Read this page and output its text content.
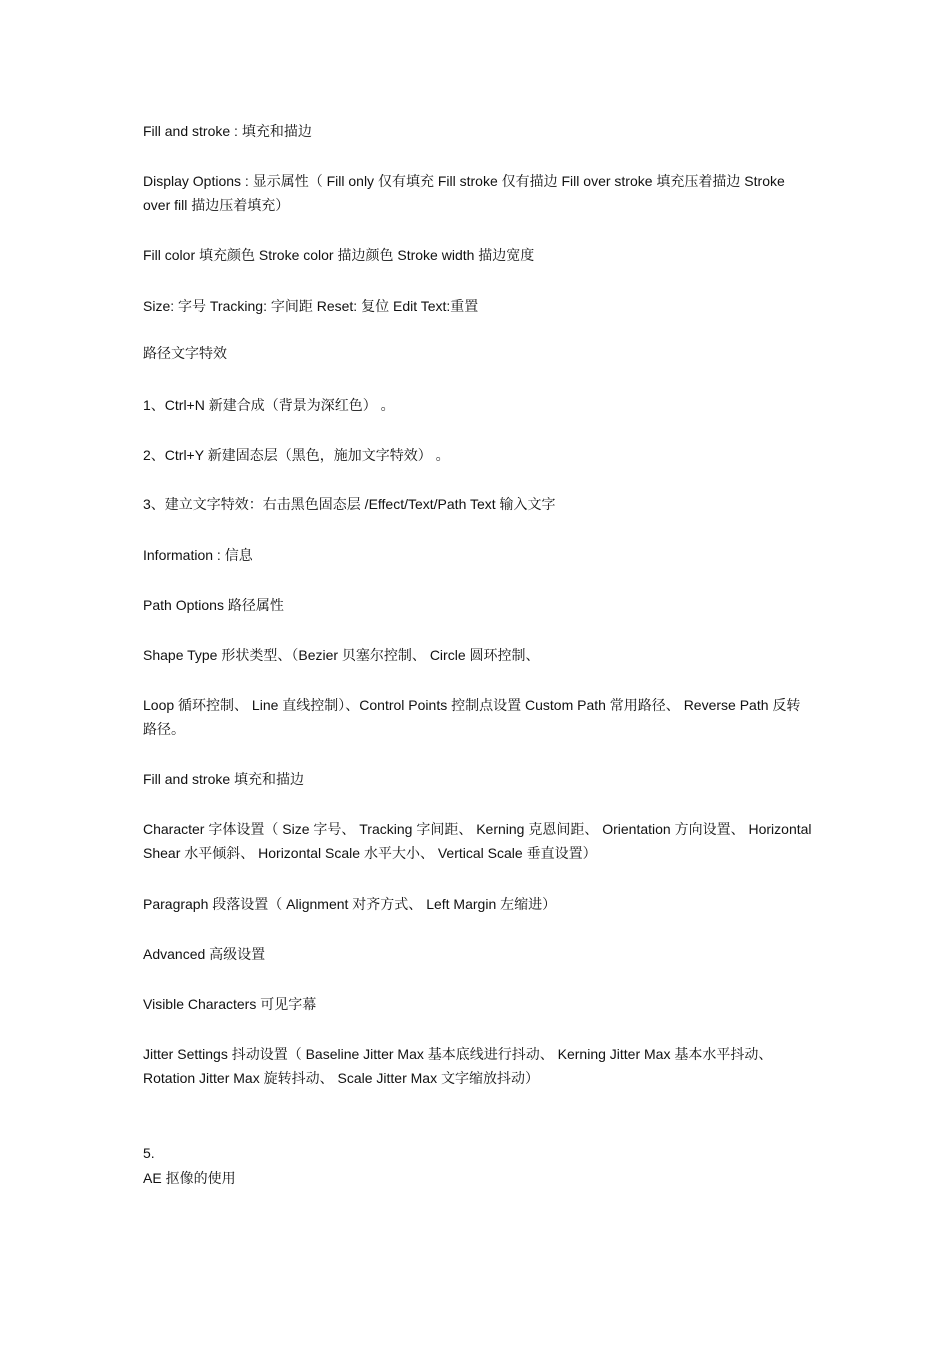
Fill and stroke : 填充和描边

Display Options : 显示属性（ Fill only 仅有填充 Fill stroke 仅有描边 Fill over stroke 填充压着描边 Stroke over fill 描边压着填充）

Fill color 填充颜色 Stroke color 描边颜色 Stroke width 描边宽度

Size: 字号 Tracking: 字间距 Reset: 复位 Edit Text:重置

路径文字特效

1、Ctrl+N 新建合成（背景为深红色） 。

2、Ctrl+Y 新建固态层（黑色，施加文字特效） 。

3、建立文字特效：右击黑色固态层 /Effect/Text/Path Text 输入文字

Information : 信息

Path Options 路径属性

Shape Type 形状类型、（Bezier 贝塞尔控制、 Circle 圆环控制、

Loop 循环控制、 Line 直线控制）、Control Points 控制点设置 Custom Path 常用路径、 Reverse Path 反转路径。

Fill and stroke 填充和描边

Character 字体设置（ Size 字号、 Tracking 字间距、 Kerning 克恩间距、 Orientation 方向设置、 Horizontal Shear 水平倾斜、 Horizontal Scale 水平大小、 Vertical Scale 垂直设置）

Paragraph 段落设置（ Alignment 对齐方式、 Left Margin 左缩进）

Advanced 高级设置

Visible Characters 可见字幕

Jitter Settings 抖动设置（ Baseline Jitter Max 基本底线进行抖动、 Kerning Jitter Max 基本水平抖动、 Rotation Jitter Max 旋转抖动、 Scale Jitter Max 文字缩放抖动）

5.

AE 抠像的使用
